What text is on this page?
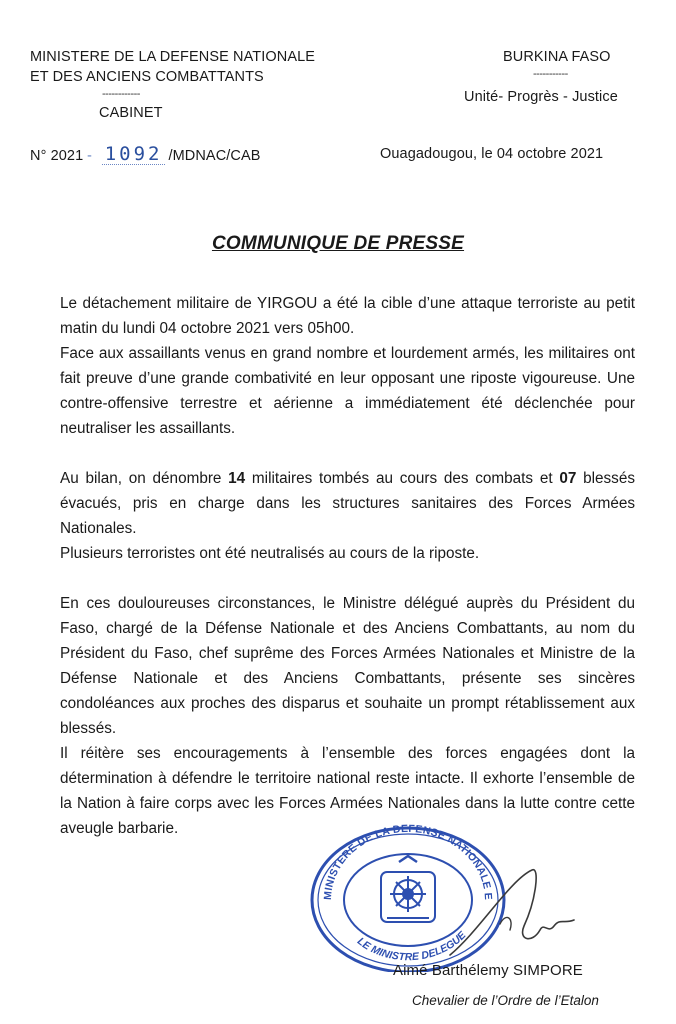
MINISTERE DE LA DEFENSE NATIONALE
ET DES ANCIENS COMBATTANTS
------------
CABINET
BURKINA FASO
-----------
Unité- Progrès - Justice
N° 2021 - 1092 /MDNAC/CAB	Ouagadougou, le 04 octobre 2021
COMMUNIQUE DE PRESSE

Le détachement militaire de YIRGOU a été la cible d’une attaque terroriste au petit matin du lundi 04 octobre 2021 vers 05h00.

Face aux assaillants venus en grand nombre et lourdement armés, les militaires ont fait preuve d’une grande combativité en leur opposant une riposte vigoureuse. Une contre-offensive terrestre et aérienne a immédiatement été déclenchée pour neutraliser les assaillants.

Au bilan, on dénombre 14 militaires tombés au cours des combats et 07 blessés évacués, pris en charge dans les structures sanitaires des Forces Armées Nationales.

Plusieurs terroristes ont été neutralisés au cours de la riposte.

En ces douloureuses circonstances, le Ministre délégué auprès du Président du Faso, chargé de la Défense Nationale et des Anciens Combattants, au nom du Président du Faso, chef suprême des Forces Armées Nationales et Ministre de la Défense Nationale et des Anciens Combattants, présente ses sincères condoléances aux proches des disparus et souhaite un prompt rétablissement aux blessés.

Il réitère ses encouragements à l’ensemble des forces engagées dont la détermination à défendre le territoire national reste intacte. Il exhorte l’ensemble de la Nation à faire corps avec les Forces Armées Nationales dans la lutte contre cette aveugle barbarie.

MINISTERE DE LA DEFENSE NATIONALE E
LE MINISTRE DELEGUE
Aimé Barthélemy SIMPORE
Chevalier de l’Ordre de l’Etalon
